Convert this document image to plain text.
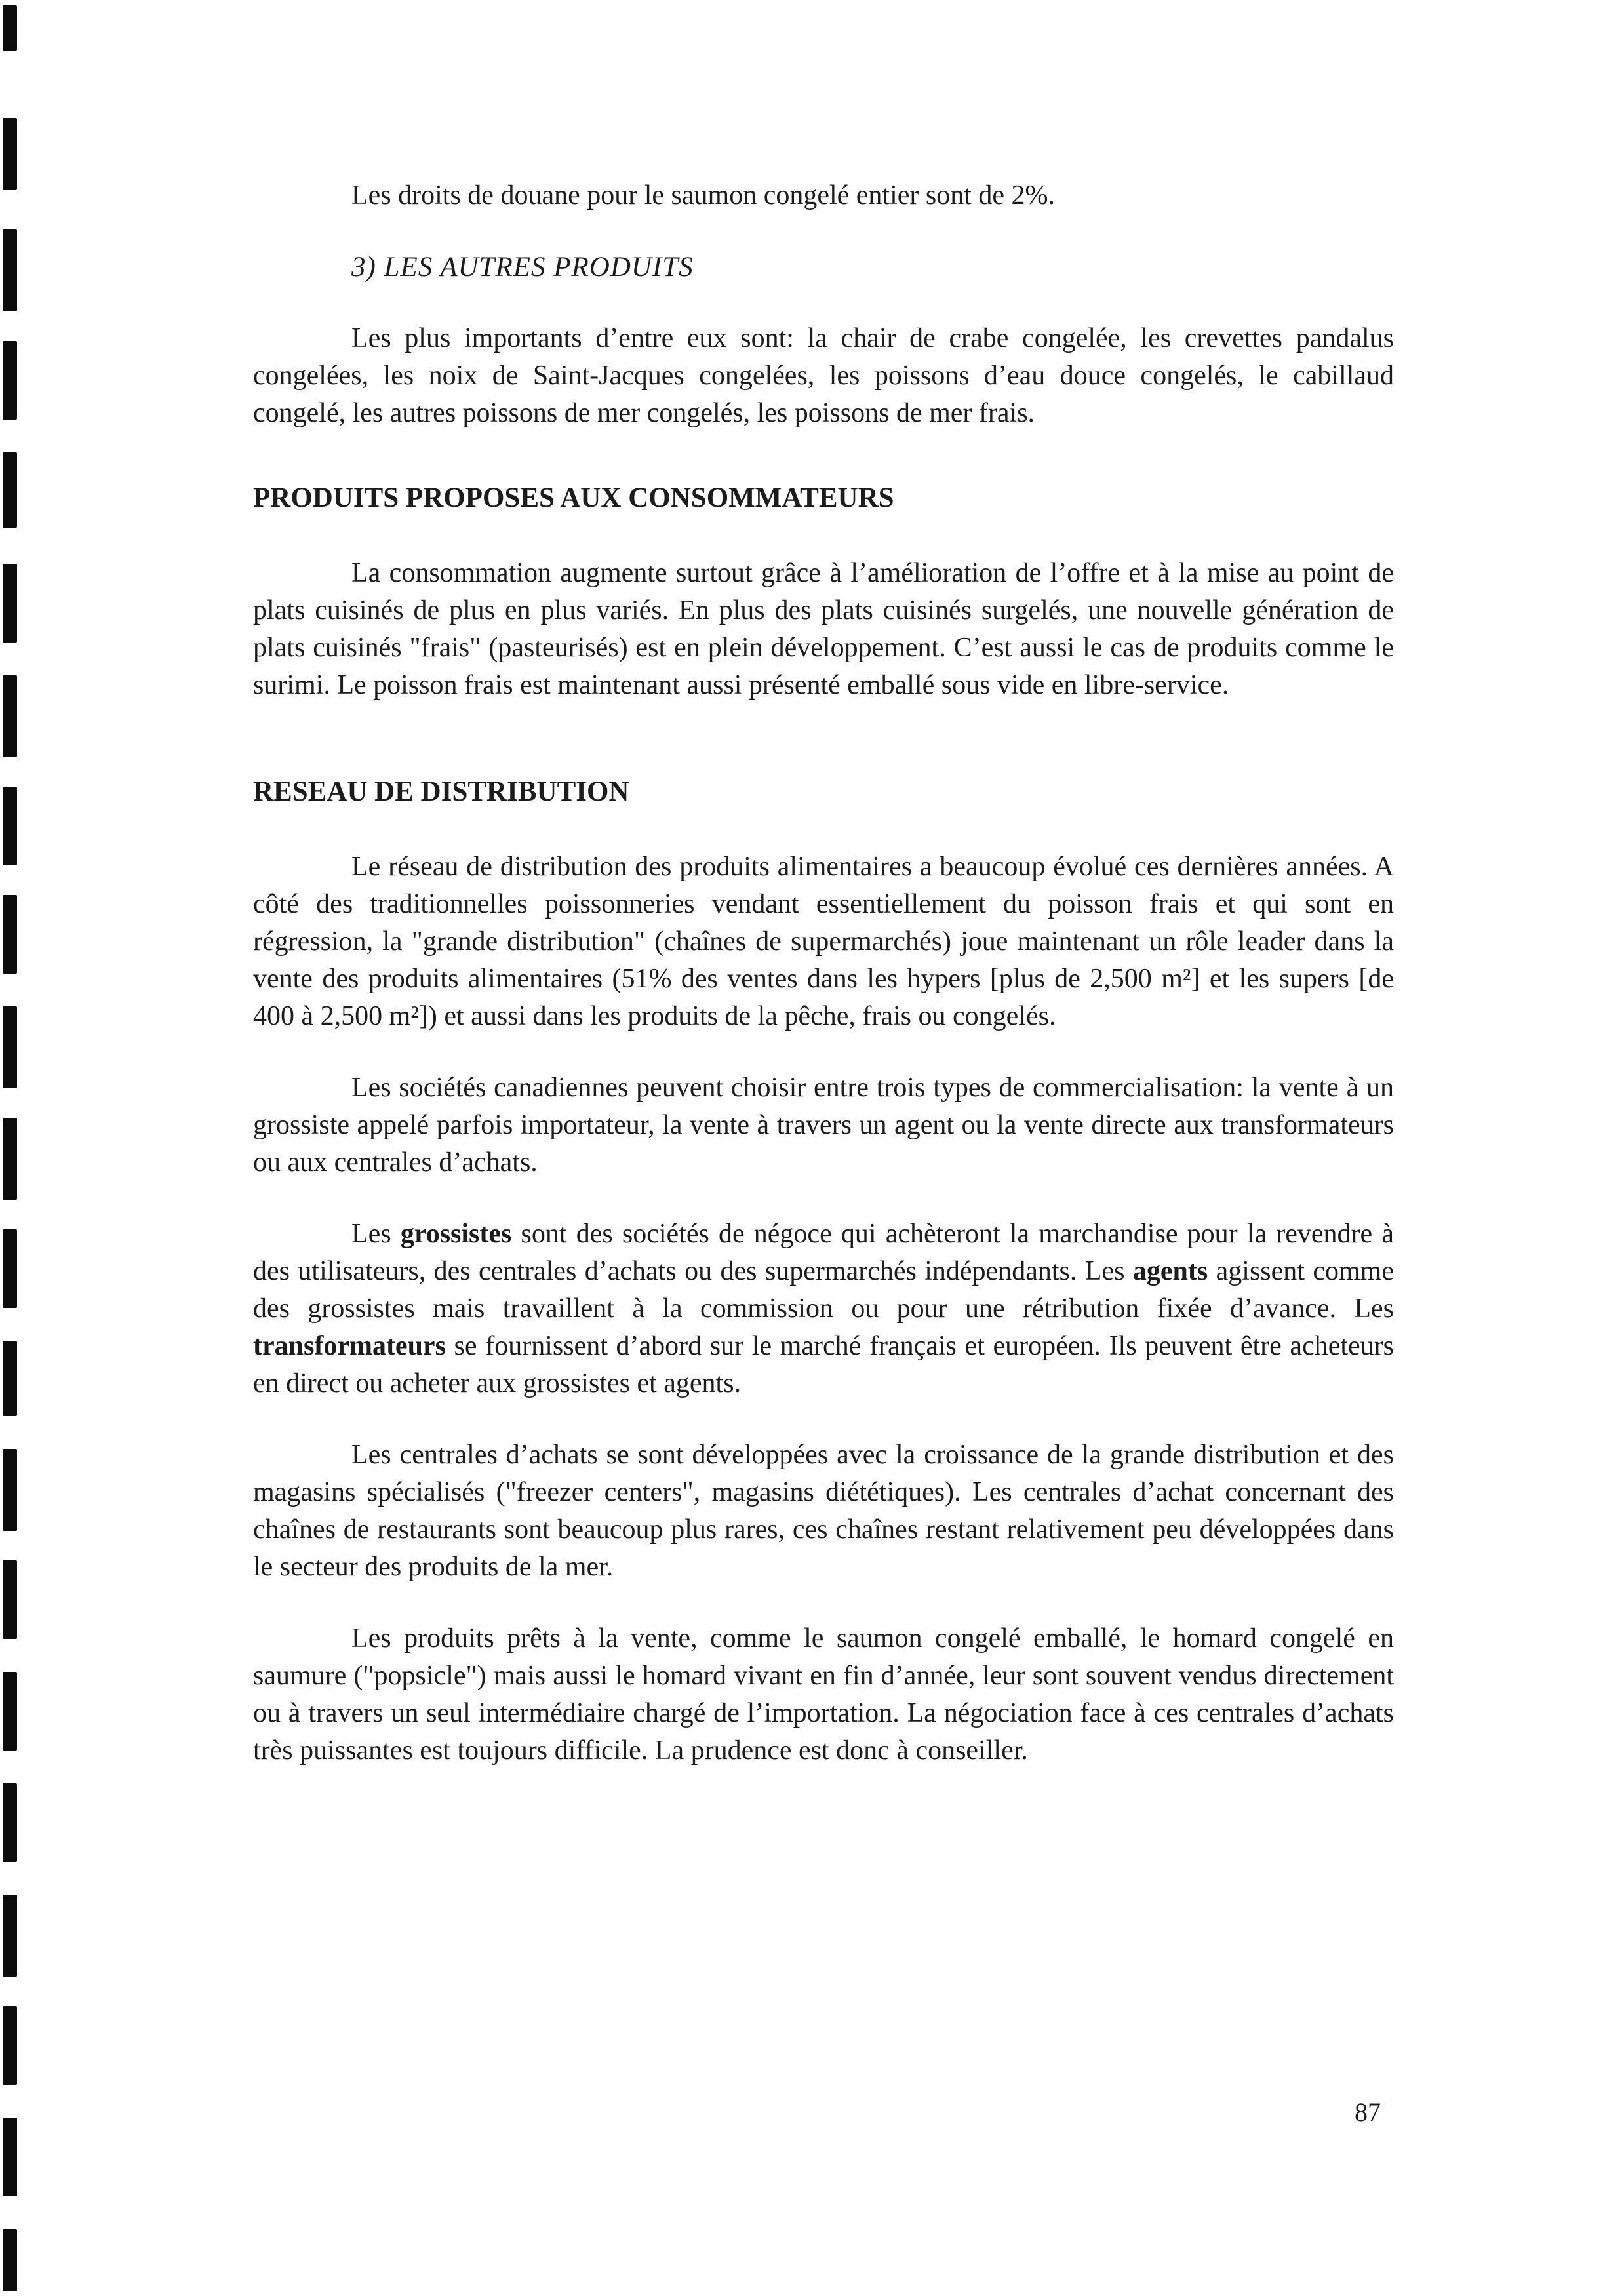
Les droits de douane pour le saumon congelé entier sont de 2%.

3) LES AUTRES PRODUITS

Les plus importants d’entre eux sont: la chair de crabe congelée, les crevettes pandalus congelées, les noix de Saint-Jacques congelées, les poissons d’eau douce congelés, le cabillaud congelé, les autres poissons de mer congelés, les poissons de mer frais.

PRODUITS PROPOSES AUX CONSOMMATEURS

La consommation augmente surtout grâce à l’amélioration de l’offre et à la mise au point de plats cuisinés de plus en plus variés. En plus des plats cuisinés surgelés, une nouvelle génération de plats cuisinés "frais" (pasteurisés) est en plein développement. C’est aussi le cas de produits comme le surimi. Le poisson frais est maintenant aussi présenté emballé sous vide en libre-service.

RESEAU DE DISTRIBUTION

Le réseau de distribution des produits alimentaires a beaucoup évolué ces dernières années. A côté des traditionnelles poissonneries vendant essentiellement du poisson frais et qui sont en régression, la "grande distribution" (chaînes de supermarchés) joue maintenant un rôle leader dans la vente des produits alimentaires (51% des ventes dans les hypers [plus de 2,500 m²] et les supers [de 400 à 2,500 m²]) et aussi dans les produits de la pêche, frais ou congelés.

Les sociétés canadiennes peuvent choisir entre trois types de commercialisation: la vente à un grossiste appelé parfois importateur, la vente à travers un agent ou la vente directe aux transformateurs ou aux centrales d’achats.

Les grossistes sont des sociétés de négoce qui achèteront la marchandise pour la revendre à des utilisateurs, des centrales d’achats ou des supermarchés indépendants. Les agents agissent comme des grossistes mais travaillent à la commission ou pour une rétribution fixée d’avance. Les transformateurs se fournissent d’abord sur le marché français et européen. Ils peuvent être acheteurs en direct ou acheter aux grossistes et agents.

Les centrales d’achats se sont développées avec la croissance de la grande distribution et des magasins spécialisés ("freezer centers", magasins diététiques). Les centrales d’achat concernant des chaînes de restaurants sont beaucoup plus rares, ces chaînes restant relativement peu développées dans le secteur des produits de la mer.

Les produits prêts à la vente, comme le saumon congelé emballé, le homard congelé en saumure ("popsicle") mais aussi le homard vivant en fin d’année, leur sont souvent vendus directement ou à travers un seul intermédiaire chargé de l’importation. La négociation face à ces centrales d’achats très puissantes est toujours difficile. La prudence est donc à conseiller.

87
